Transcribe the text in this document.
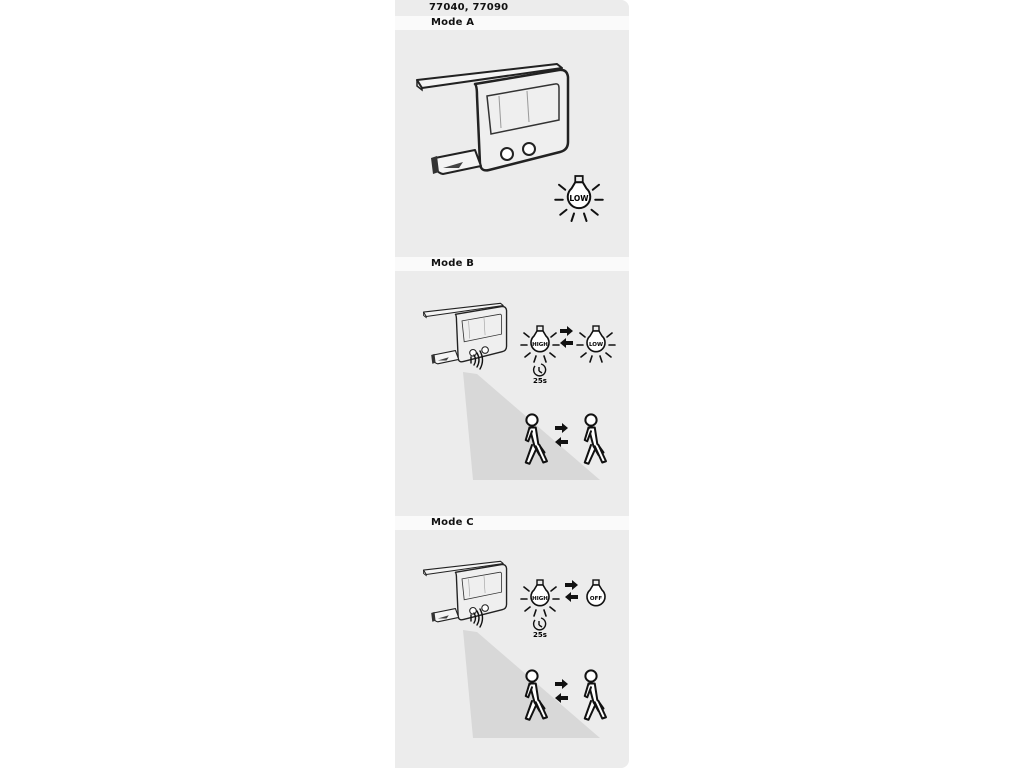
77040, 77090
Mode A
Mode B
Mode C
LOW
HIGH	LOW
25s
HIGH	OFF
25s
